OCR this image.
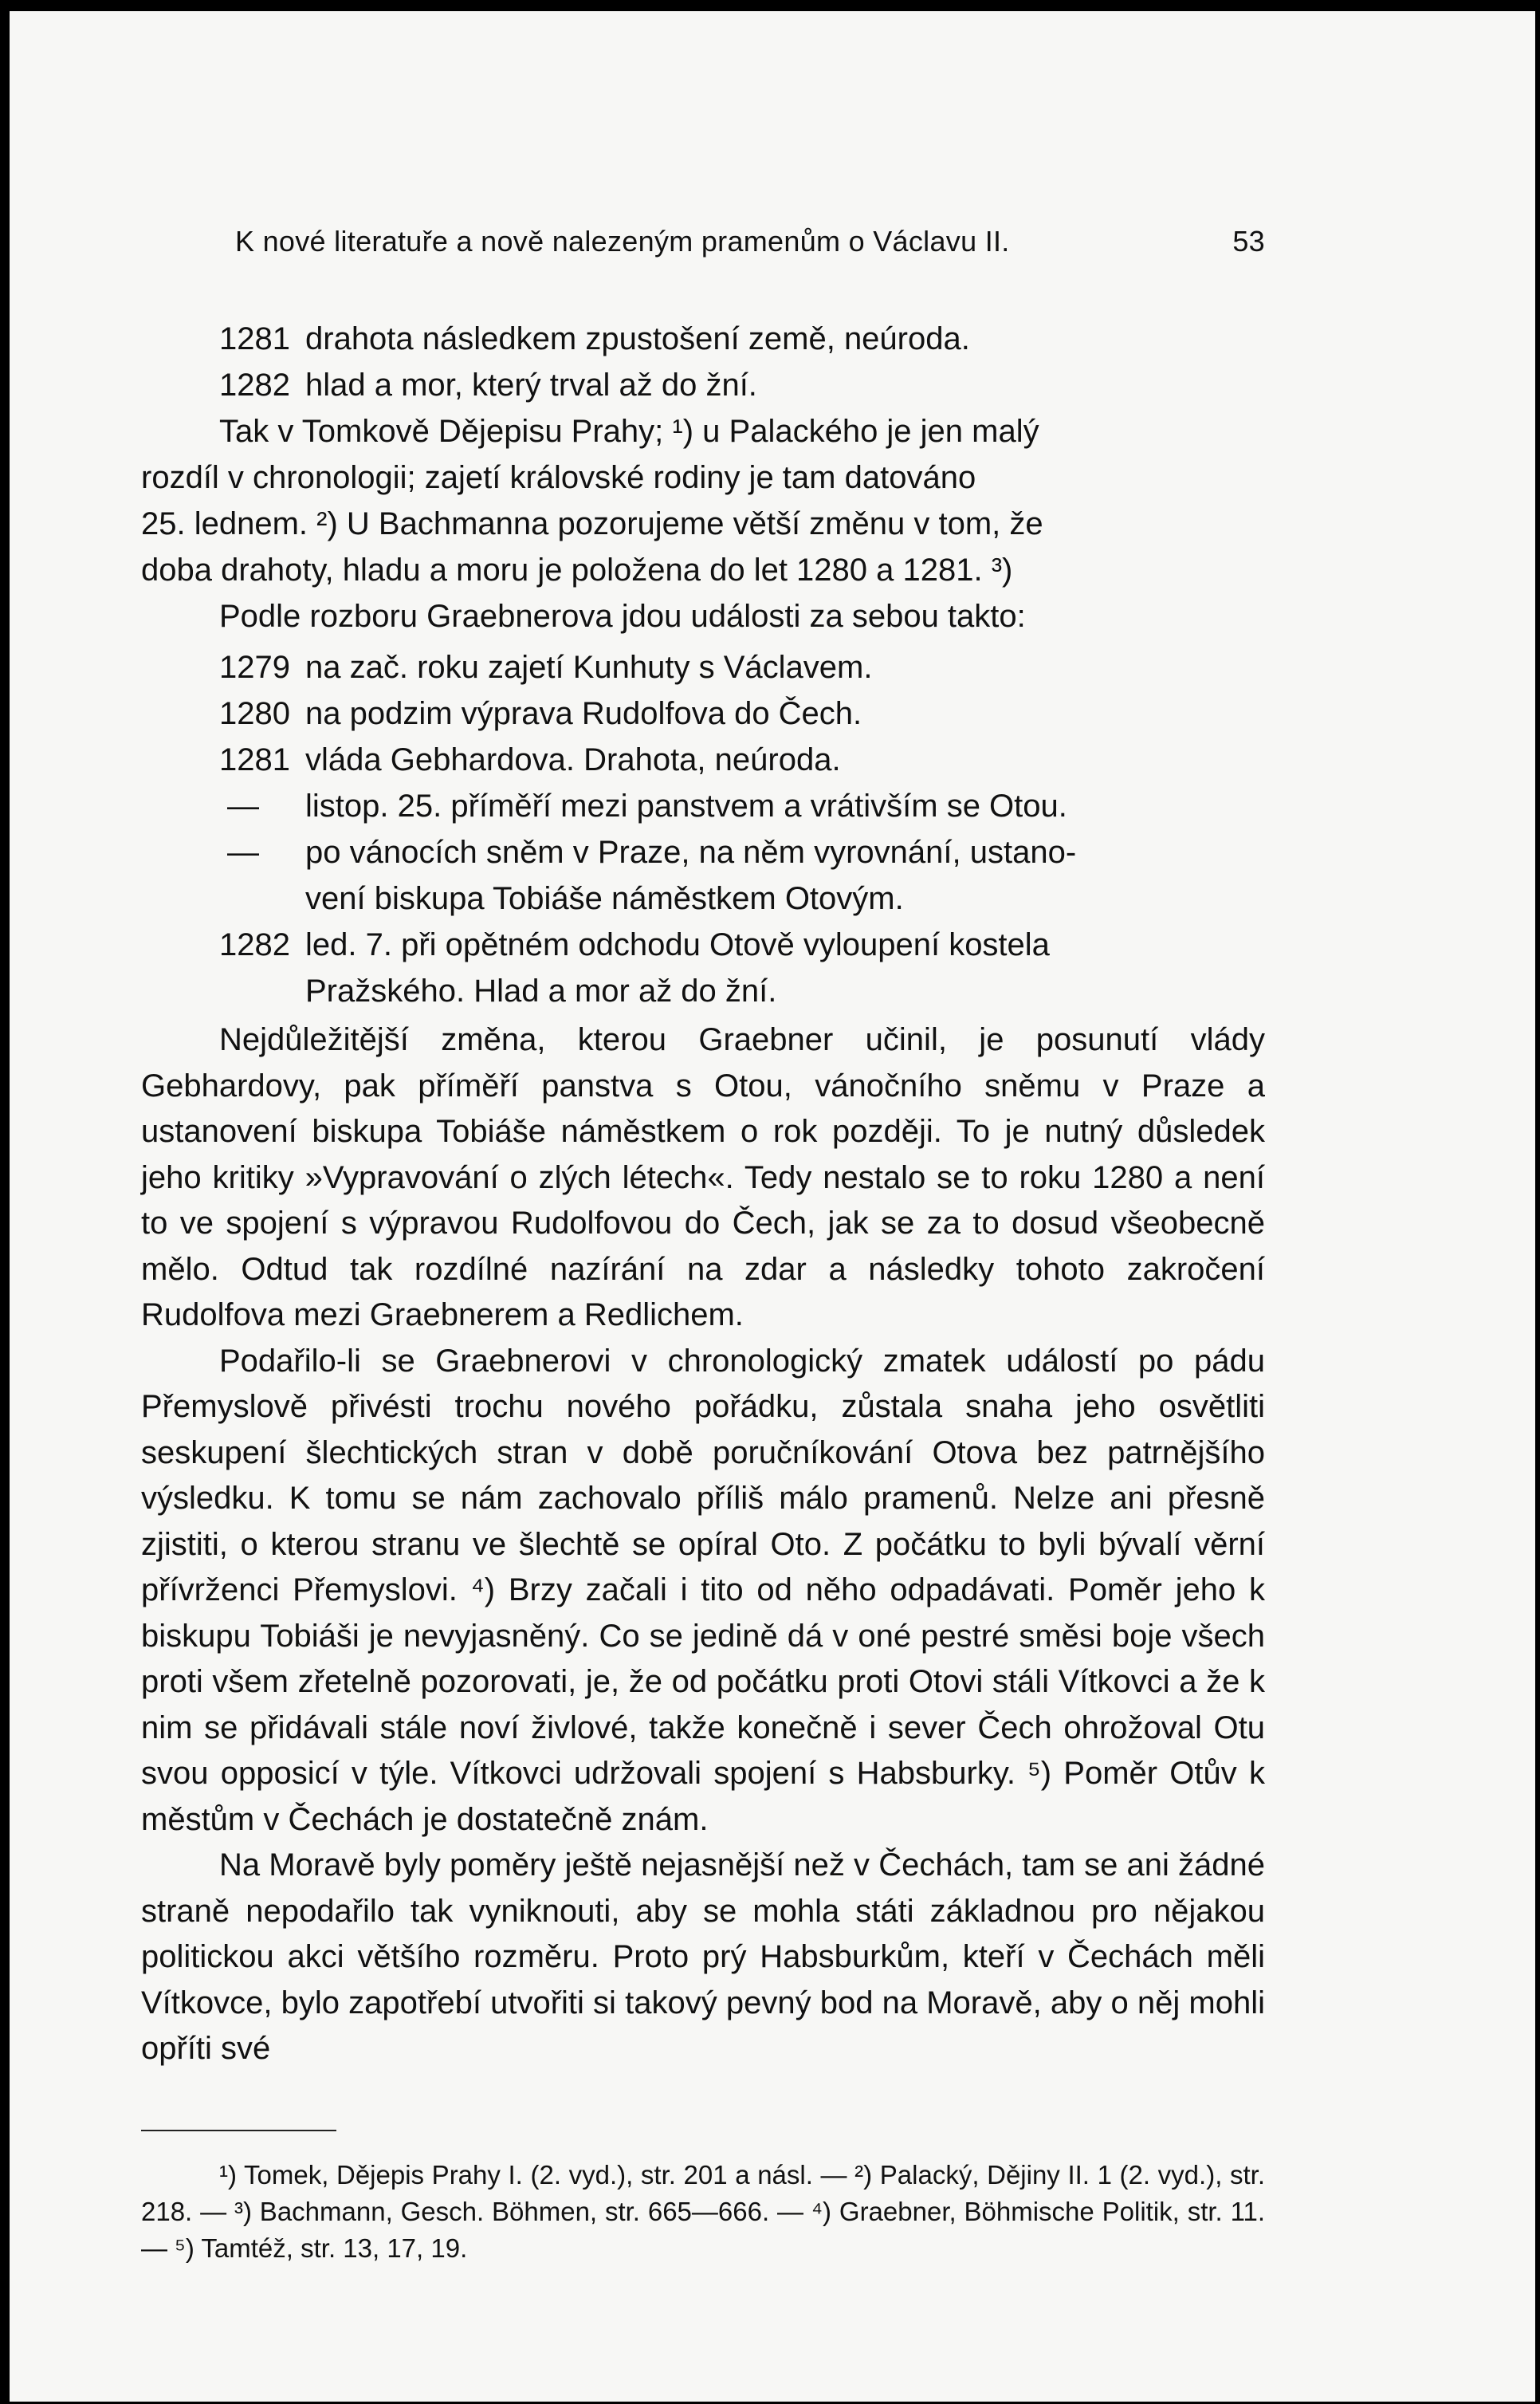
K nové literatuře a nově nalezeným pramenům o Václavu II.	53
1281 drahota následkem zpustošení země, neúroda.
1282 hlad a mor, který trval až do žní.
Tak v Tomkově Dějepisu Prahy; ¹) u Palackého je jen malý
rozdíl v chronologii; zajetí královské rodiny je tam datováno
25. lednem. ²) U Bachmanna pozorujeme větší změnu v tom, že
doba drahoty, hladu a moru je položena do let 1280 a 1281. ³)
Podle rozboru Graebnerova jdou události za sebou takto:
1279 na zač. roku zajetí Kunhuty s Václavem.
1280 na podzim výprava Rudolfova do Čech.
1281 vláda Gebhardova. Drahota, neúroda.
—	listop. 25. příměří mezi panstvem a vrátivším se Otou.
—	po vánocích sněm v Praze, na něm vyrovnání, ustano-
vení biskupa Tobiáše náměstkem Otovým.
1282 led. 7. při opětném odchodu Otově vyloupení kostela
Pražského. Hlad a mor až do žní.

Nejdůležitější změna, kterou Graebner učinil, je posunutí vlády Gebhardovy, pak příměří panstva s Otou, vánočního sněmu v Praze a ustanovení biskupa Tobiáše náměstkem o rok později. To je nutný důsledek jeho kritiky »Vypravování o zlých létech«. Tedy nestalo se to roku 1280 a není to ve spojení s výpravou Rudolfovou do Čech, jak se za to dosud všeobecně mělo. Odtud tak rozdílné nazírání na zdar a následky tohoto zakročení Rudolfova mezi Graebnerem a Redlichem.

Podařilo-li se Graebnerovi v chronologický zmatek událostí po pádu Přemyslově přivésti trochu nového pořádku, zůstala snaha jeho osvětliti seskupení šlechtických stran v době poručníkování Otova bez patrnějšího výsledku. K tomu se nám zachovalo příliš málo pramenů. Nelze ani přesně zjistiti, o kterou stranu ve šlechtě se opíral Oto. Z počátku to byli bývalí věrní přívrženci Přemyslovi. ⁴) Brzy začali i tito od něho odpadávati. Poměr jeho k biskupu Tobiáši je nevyjasněný. Co se jedině dá v oné pestré směsi boje všech proti všem zřetelně pozorovati, je, že od počátku proti Otovi stáli Vítkovci a že k nim se přidávali stále noví živlové, takže konečně i sever Čech ohrožoval Otu svou opposicí v týle. Vítkovci udržovali spojení s Habsburky. ⁵) Poměr Otův k městům v Čechách je dostatečně znám.

Na Moravě byly poměry ještě nejasnější než v Čechách, tam se ani žádné straně nepodařilo tak vyniknouti, aby se mohla státi základnou pro nějakou politickou akci většího rozměru. Proto prý Habsburkům, kteří v Čechách měli Vítkovce, bylo zapotřebí utvořiti si takový pevný bod na Moravě, aby o něj mohli opříti své

¹) Tomek, Dějepis Prahy I. (2. vyd.), str. 201 a násl. — ²) Palacký, Dějiny II. 1 (2. vyd.), str. 218. — ³) Bachmann, Gesch. Böhmen, str. 665—666. — ⁴) Graebner, Böhmische Politik, str. 11. — ⁵) Tamtéž, str. 13, 17, 19.
